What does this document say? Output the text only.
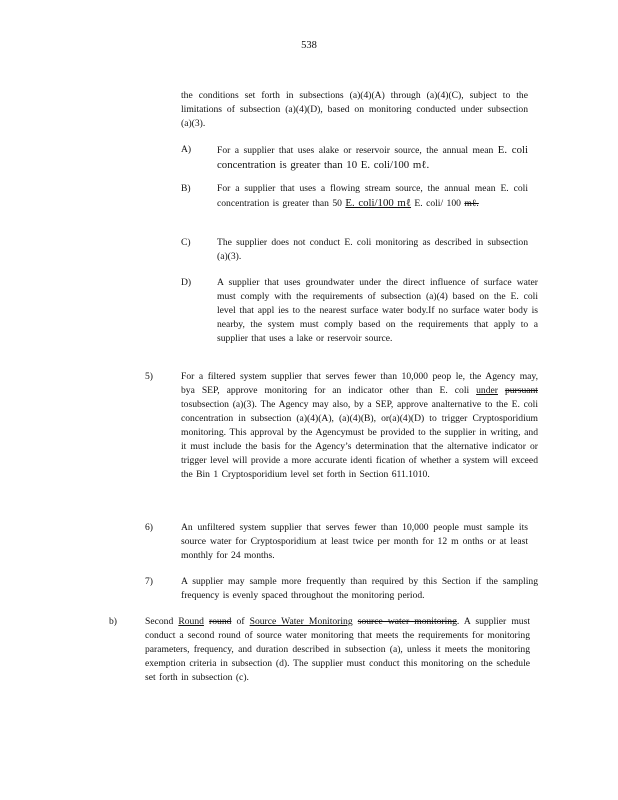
538
the conditions set forth in subsections (a)(4)(A) through (a)(4)(C), subject to the limitations of subsection (a)(4)(D), based on monitoring conducted under subsection (a)(3).
A)	For a supplier that uses alake or reservoir source, the annual mean E. coli concentration is greater than 10 E. coli/100 mℓ.
B)	For a supplier that uses a flowing stream source, the annual mean E. coli concentration is greater than 50 E. coli/100 mℓ E. coli/ 100 mℓ.
C)	The supplier does not conduct E. coli monitoring as described in subsection (a)(3).
D)	A supplier that uses groundwater under the direct influence of surface water must comply with the requirements of subsection (a)(4) based on the E. coli level that appl ies to the nearest surface water body.If no surface water body is nearby, the system must comply based on the requirements that apply to a supplier that uses a lake or reservoir source.
5)	For a filtered system supplier that serves fewer than 10,000 peop le, the Agency may, bya SEP, approve monitoring for an indicator other than E. coli under pursuant tosubsection (a)(3). The Agency may also, by a SEP, approve analternative to the E. coli concentration in subsection (a)(4)(A), (a)(4)(B), or(a)(4)(D) to trigger Cryptosporidium monitoring. This approval by the Agencymust be provided to the supplier in writing, and it must include the basis for the Agency’s determination that the alternative indicator or trigger level will provide a more accurate identi fication of whether a system will exceed the Bin 1 Cryptosporidium level set forth in Section 611.1010.
6)	An unfiltered system supplier that serves fewer than 10,000 people must sample its source water for Cryptosporidium at least twice per month for 12 m onths or at least monthly for 24 months.
7)	A supplier may sample more frequently than required by this Section if the sampling frequency is evenly spaced throughout the monitoring period.
b)	Second Round round of Source Water Monitoring source water monitoring. A supplier must conduct a second round of source water monitoring that meets the requirements for monitoring parameters, frequency, and duration described in subsection (a), unless it meets the monitoring exemption criteria in subsection (d). The supplier must conduct this monitoring on the schedule set forth in subsection (c).
